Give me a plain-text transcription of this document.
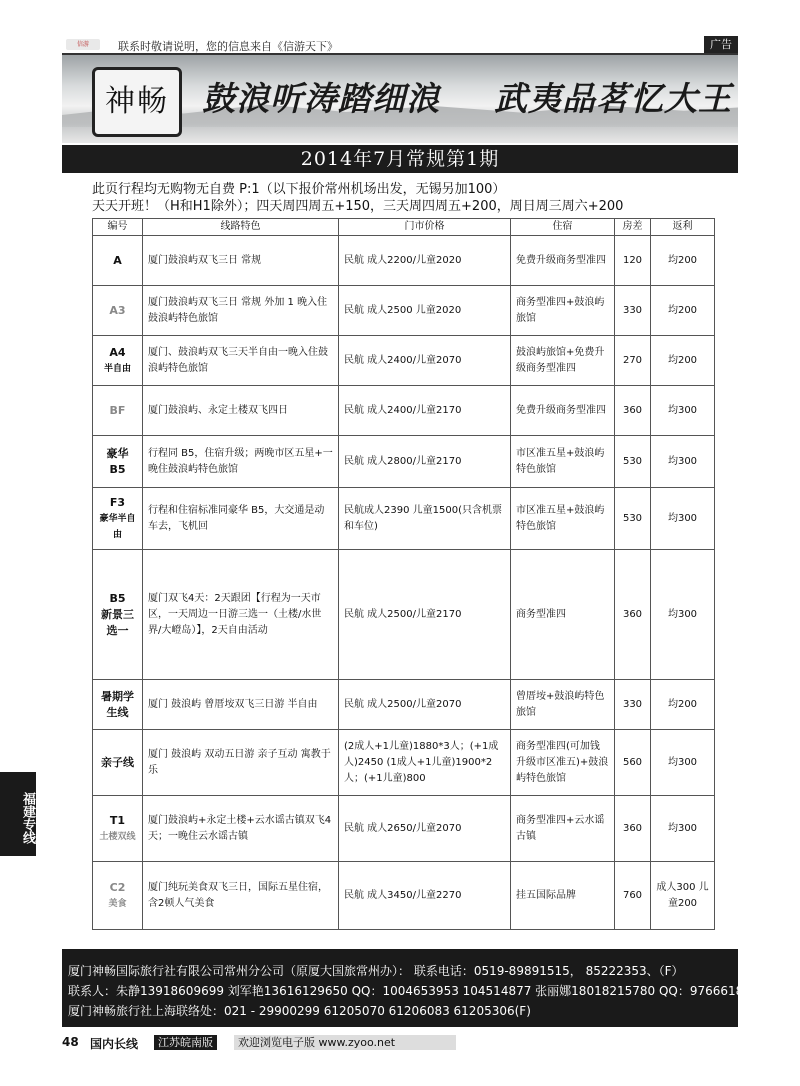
信游	联系时敬请说明，您的信息来自《信游天下》	广告
神畅	鼓浪听涛踏细浪 武夷品茗忆大王
2014年7月常规第1期
此页行程均无购物无自费 P:1（以下报价常州机场出发，无锡另加100）
天天开班！（H和H1除外）；四天周四周五+150，三天周四周五+200，周日周三周六+200
编号	线路特色	门市价格	住宿	房差	返利

A	厦门鼓浪屿双飞三日 常规	民航 成人2200/儿童2020	免费升级商务型准四	120	均200

A3	厦门鼓浪屿双飞三日 常规 外加 1 晚入住鼓浪屿特色旅馆	民航 成人2500 儿童2020	商务型准四+鼓浪屿旅馆	330	均200

A4
半自由	厦门、鼓浪屿双飞三天半自由一晚入住鼓浪屿特色旅馆	民航 成人2400/儿童2070	鼓浪屿旅馆+免费升级商务型准四	270	均200

BF	厦门鼓浪屿、永定土楼双飞四日	民航 成人2400/儿童2170	免费升级商务型准四	360	均300

豪华
B5	行程同 B5，住宿升级；两晚市区五星+一晚住鼓浪屿特色旅馆	民航 成人2800/儿童2170	市区准五星+鼓浪屿特色旅馆	530	均300

F3
豪华半自由	行程和住宿标准同豪华 B5，大交通是动车去，飞机回	民航成人2390 儿童1500(只含机票和车位)	市区准五星+鼓浪屿特色旅馆	530	均300

B5
新景三选一	厦门双飞4天：2天跟团【行程为一天市区，一天周边一日游三选一（土楼/水世界/大嶝岛）】，2天自由活动	民航 成人2500/儿童2170	商务型准四	360	均300

暑期学生线	厦门 鼓浪屿 曾厝垵双飞三日游 半自由	民航 成人2500/儿童2070	曾厝垵+鼓浪屿特色旅馆	330	均200

亲子线	厦门 鼓浪屿 双动五日游 亲子互动 寓教于乐	(2成人+1儿童)1880*3人；(+1成人)2450 (1成人+1儿童)1900*2人；(+1儿童)800	商务型准四(可加钱升级市区准五)+鼓浪屿特色旅馆	560	均300

T1
土楼双线	厦门鼓浪屿+永定土楼+云水谣古镇双飞4天；一晚住云水谣古镇	民航 成人2650/儿童2070	商务型准四+云水谣古镇	360	均300

C2
美食	厦门纯玩美食双飞三日，国际五星住宿，含2顿人气美食	民航 成人3450/儿童2270	挂五国际品牌	760	成人300 儿童200
福建专线
厦门神畅国际旅行社有限公司常州分公司（原厦大国旅常州办）： 联系电话：0519-89891515， 85222353、（F）
联系人：朱静13918609699 刘军艳13616129650 QQ：1004653953 104514877 张丽娜18018215780 QQ：976661829
厦门神畅旅行社上海联络处：021 - 29900299 61205070 61206083 61205306(F)
48 国内长线	江苏皖南版	欢迎浏览电子版 www.zyoo.net
